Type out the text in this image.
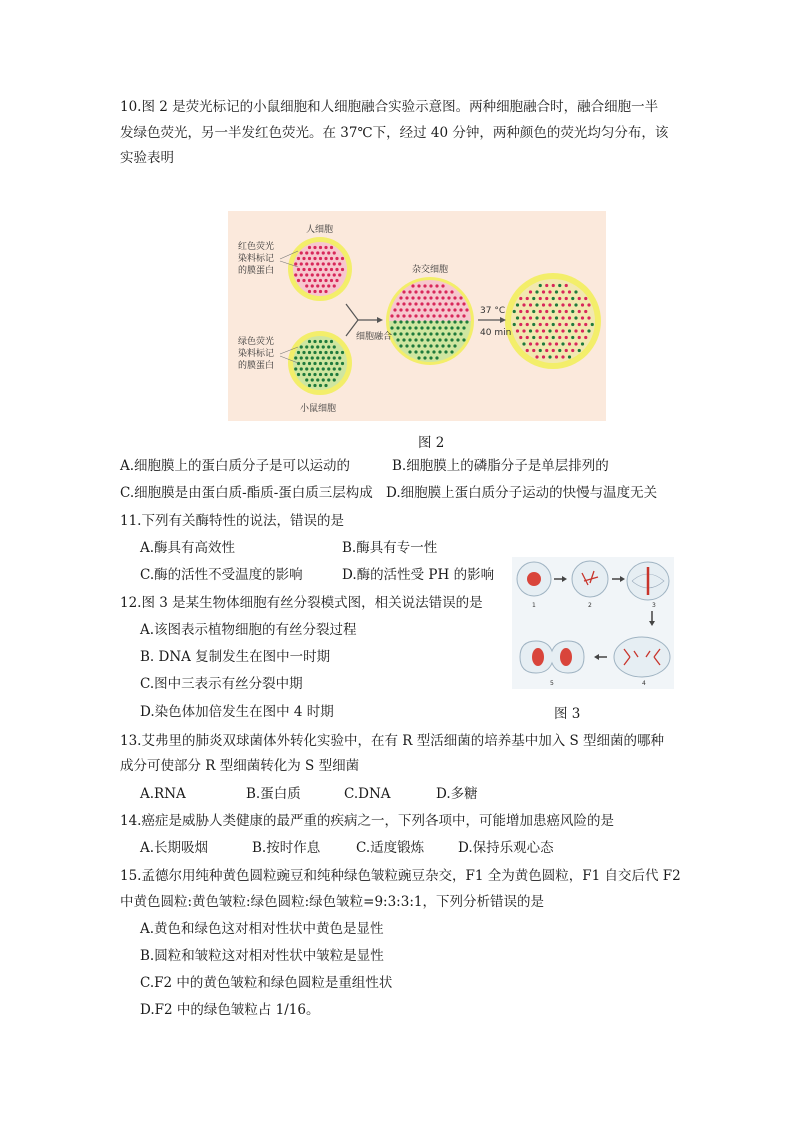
10.图 2 是荧光标记的小鼠细胞和人细胞融合实验示意图。两种细胞融合时，融合细胞一半
发绿色荧光，另一半发红色荧光。在 37℃下，经过 40 分钟，两种颜色的荧光均匀分布，该
实验表明
人细胞
红色荧光
染料标记
的膜蛋白
绿色荧光
染料标记
的膜蛋白
小鼠细胞
杂交细胞
细胞融合
37 °C
40 min
图 2
A.细胞膜上的蛋白质分子是可以运动的	B.细胞膜上的磷脂分子是单层排列的
C.细胞膜是由蛋白质-酯质-蛋白质三层构成 D.细胞膜上蛋白质分子运动的快慢与温度无关
11.下列有关酶特性的说法，错误的是
A.酶具有高效性	B.酶具有专一性
C.酶的活性不受温度的影响	D.酶的活性受 PH 的影响
1	2	3
4
5
12.图 3 是某生物体细胞有丝分裂模式图，相关说法错误的是
A.该图表示植物细胞的有丝分裂过程
B. DNA 复制发生在图中一时期
C.图中三表示有丝分裂中期
D.染色体加倍发生在图中 4 时期	图 3
13.艾弗里的肺炎双球菌体外转化实验中，在有 R 型活细菌的培养基中加入 S 型细菌的哪种
成分可使部分 R 型细菌转化为 S 型细菌
A.RNA	B.蛋白质	C.DNA	D.多糖
14.癌症是威胁人类健康的最严重的疾病之一，下列各项中，可能增加患癌风险的是
A.长期吸烟	B.按时作息	C.适度锻炼	D.保持乐观心态
15.孟德尔用纯种黄色圆粒豌豆和纯种绿色皱粒豌豆杂交，F1 全为黄色圆粒，F1 自交后代 F2
中黄色圆粒:黄色皱粒:绿色圆粒:绿色皱粒=9:3:3:1，下列分析错误的是
A.黄色和绿色这对相对性状中黄色是显性
B.圆粒和皱粒这对相对性状中皱粒是显性
C.F2 中的黄色皱粒和绿色圆粒是重组性状
D.F2 中的绿色皱粒占 1/16。
